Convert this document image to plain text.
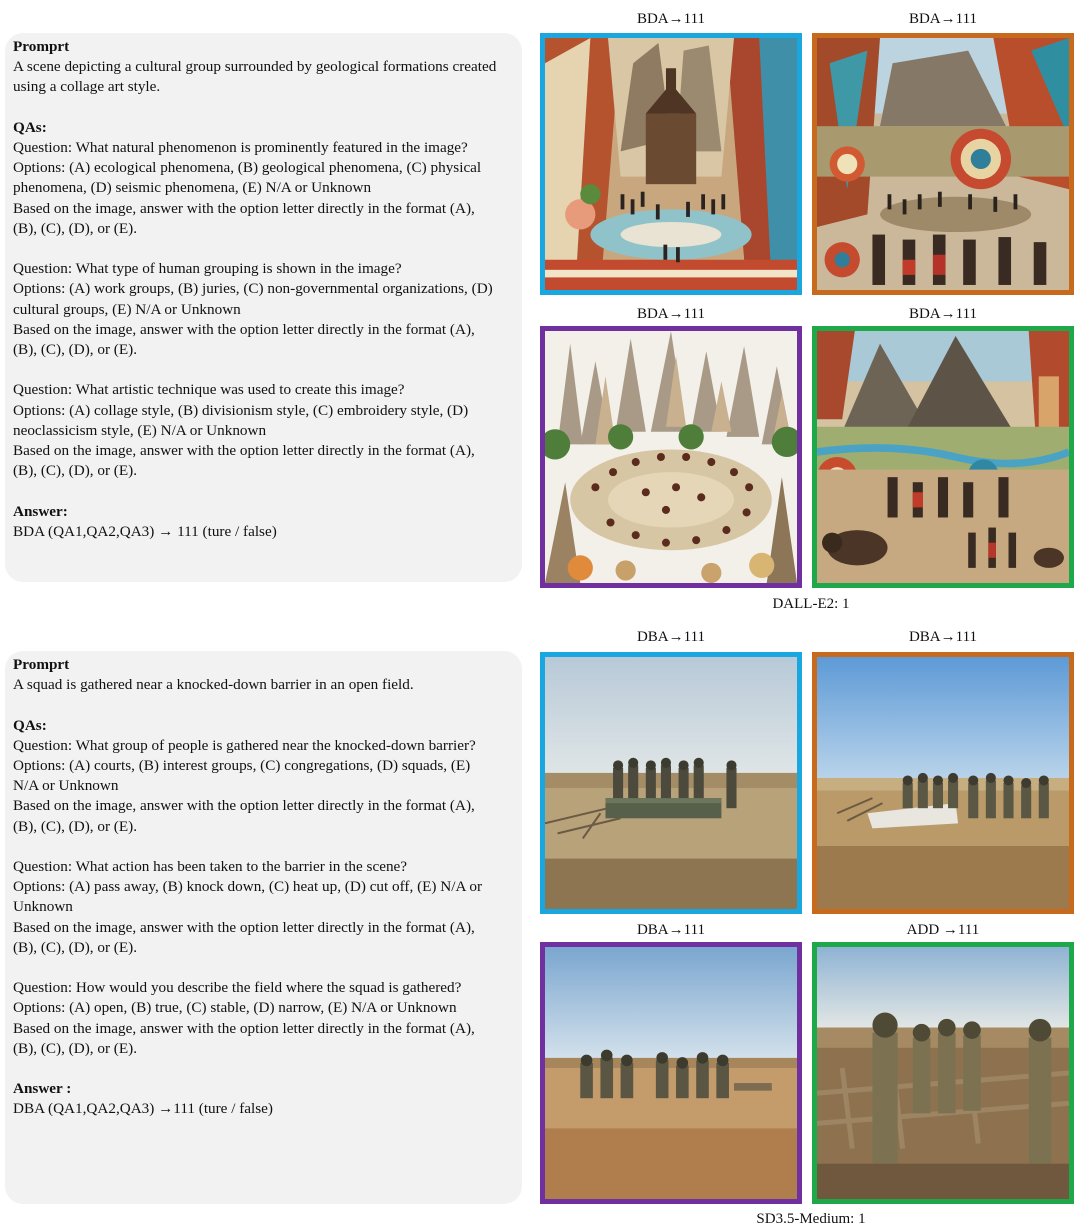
Promprt

A scene depicting a cultural group surrounded by geological formations created using a collage art style.

QAs:

Question: What natural phenomenon is prominently featured in the image?

Options: (A) ecological phenomena, (B) geological phenomena, (C) physical phenomena, (D) seismic phenomena, (E) N/A or Unknown

Based on the image, answer with the option letter directly in the format (A), (B), (C), (D), or (E).

Question: What type of human grouping is shown in the image?

Options: (A) work groups, (B) juries, (C) non-governmental organizations, (D) cultural groups, (E) N/A or Unknown

Based on the image, answer with the option letter directly in the format (A), (B), (C), (D), or (E).

Question: What artistic technique was used to create this image?

Options: (A) collage style, (B) divisionism style, (C) embroidery style, (D) neoclassicism style, (E) N/A or Unknown

Based on the image, answer with the option letter directly in the format (A), (B), (C), (D), or (E).

Answer:

BDA (QA1,QA2,QA3) → 111 (ture / false)

BDA→111	BDA→111
BDA→111	BDA→111
DALL-E2: 1

Promprt

A squad is gathered near a knocked-down barrier in an open field.

QAs:

Question: What group of people is gathered near the knocked-down barrier?

Options: (A) courts, (B) interest groups, (C) congregations, (D) squads, (E) N/A or Unknown

Based on the image, answer with the option letter directly in the format (A), (B), (C), (D), or (E).

Question: What action has been taken to the barrier in the scene?

Options: (A) pass away, (B) knock down, (C) heat up, (D) cut off, (E) N/A or Unknown

Based on the image, answer with the option letter directly in the format (A), (B), (C), (D), or (E).

Question: How would you describe the field where the squad is gathered?

Options: (A) open, (B) true, (C) stable, (D) narrow, (E) N/A or Unknown

Based on the image, answer with the option letter directly in the format (A), (B), (C), (D), or (E).

Answer :

DBA (QA1,QA2,QA3) →111 (ture / false)

DBA→111	DBA→111
DBA→111	ADD →111
SD3.5-Medium: 1
